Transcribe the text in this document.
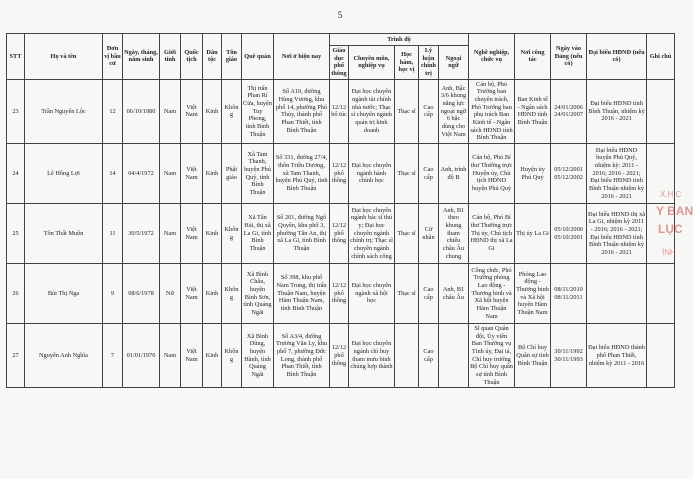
5
STT	Họ và tên	Đơn vị bầu cử	Ngày, tháng, năm sinh	Giới tính	Quốc tịch	Dân tộc	Tôn giáo	Quê quán	Nơi ở hiện nay	Trình độ					Nghề nghiệp, chức vụ	Nơi công tác	Ngày vào Đảng (nếu có)	Đại biểu HĐND (nếu có)	Ghi chú
										Giáo dục phổ thông	Chuyên môn, nghiệp vụ	Học hàm, học vị	Lý luận chính trị	Ngoại ngữ					
23	Trần Nguyên Lộc	12	06/10/1980	Nam	Việt Nam	Kinh	Không	Thị trấn Phan Rí Cửa, huyện Tuy Phong, tỉnh Bình Thuận	Số A10, đường Hùng Vương, khu phố 14, phường Phú Thủy, thành phố Phan Thiết, tỉnh Bình Thuận	12/12 bổ túc	Đại học chuyên ngành tài chính nhà nước; Thạc sĩ chuyên ngành quản trị kinh doanh	Thạc sĩ	Cao cấp	Anh, Bậc 3/6 khung năng lực ngoại ngữ 6 bậc dùng cho Việt Nam	Cán bộ, Phó Trưởng ban chuyên trách, Phó Trưởng ban phụ trách Ban Kinh tế - Ngân sách HĐND tỉnh Bình Thuận	Ban Kinh tế - Ngân sách HĐND tỉnh Bình Thuận	24/01/2006 24/01/2007	Đại biểu HĐND tỉnh Bình Thuận, nhiệm kỳ 2016 - 2021	
24	Lê Hồng Lợi	14	04/4/1972	Nam	Việt Nam	Kinh	Phật giáo	Xã Tam Thanh, huyện Phú Quý, tỉnh Bình Thuận	Số 331, đường 27/4, thôn Triều Dương, xã Tam Thanh, huyện Phú Quý, tỉnh Bình Thuận	12/12 phổ thông	Đại học chuyên ngành hành chính học	Thạc sĩ	Cao cấp	Anh, trình độ B	Cán bộ, Phó Bí thư Thường trực Huyện ủy, Chủ tịch HĐND huyện Phú Quý	Huyện ủy Phú Quý	05/12/2001 05/12/2002	Đại biểu HĐND huyện Phú Quý, nhiệm kỳ: 2011 - 2016; 2016 - 2021; Đại biểu HĐND tỉnh Bình Thuận nhiệm kỳ 2016 - 2021	
25	Tôn Thất Muộn	11	30/5/1972	Nam	Việt Nam	Kinh	Không	Xã Tân Hải, thị xã La Gi, tỉnh Bình Thuận	Số 201, đường Ngô Quyền, khu phố 3, phường Tân An, thị xã La Gi, tỉnh Bình Thuận	12/12 phổ thông	Đại học chuyên ngành bác sĩ thú y; Đại học chuyên ngành chính trị; Thạc sĩ chuyên ngành chính sách công	Thạc sĩ	Cử nhân	Anh, B1 theo khung tham chiếu châu Âu chung	Cán bộ, Phó Bí thư Thường trực Thị ủy, Chủ tịch HĐND thị xã La Gi	Thị ủy La Gi	05/10/2000 05/10/2001	Đại biểu HĐND thị xã La Gi, nhiệm kỳ 2011 - 2016; 2016 - 2021; Đại biểu HĐND tỉnh Bình Thuận nhiệm kỳ 2016 - 2021	
26	Bùi Thị Nga	9	08/6/1978	Nữ	Việt Nam	Kinh	Không	Xã Bình Châu, huyện Bình Sơn, tỉnh Quảng Ngãi	Số 398, khu phố Nam Trung, thị trấn Thuận Nam, huyện Hàm Thuận Nam, tỉnh Bình Thuận	12/12 phổ thông	Đại học chuyên ngành xã hội học	Thạc sĩ	Cao cấp	Anh, B1 châu Âu	Công chức, Phó Trưởng phòng Lao động - Thương binh và Xã hội huyện Hàm Thuận Nam	Phòng Lao động - Thương binh và Xã hội huyện Hàm Thuận Nam	08/11/2010 08/11/2011		
27	Nguyễn Anh Nghĩa	7	01/01/1970	Nam	Việt Nam	Kinh	Không	Xã Bình Dũng, huyện Hành, tỉnh Quảng Ngãi	Số A3/4, đường Trương Văn Ly, khu phố 7, phường Đức Long, thành phố Phan Thiết, tỉnh Bình Thuận	12/12 phổ thông	Đại học chuyên ngành chỉ huy tham mưu binh chủng hợp thành		Cao cấp		Sĩ quan Quân đội, Ủy viên Ban Thường vụ Tỉnh ủy, Đại tá, Chỉ huy trưởng Bộ Chỉ huy quân sự tỉnh Bình Thuận	Bộ Chỉ huy Quân sự tỉnh Bình Thuận	30/11/1992 30/11/1993	Đại biểu HĐND thành phố Phan Thiết, nhiệm kỳ 2011 - 2016	
X.H.C
Y BAN
LỤC
ÌNH
